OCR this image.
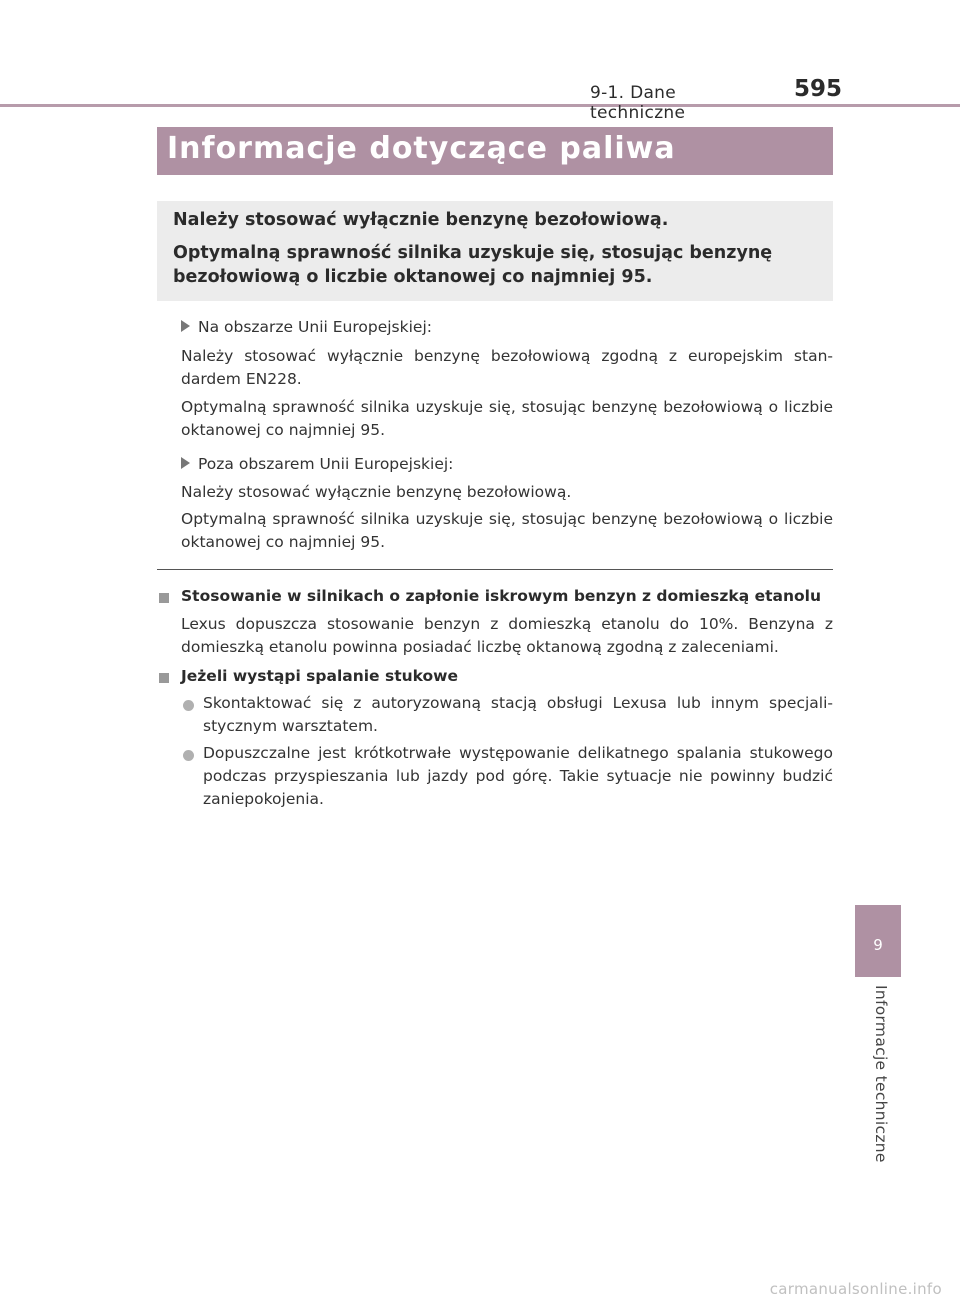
9-1. Dane techniczne
595
Informacje dotyczące paliwa

Należy stosować wyłącznie benzynę bezołowiową.

Optymalną sprawność silnika uzyskuje się, stosując benzynę bezołowiową o liczbie oktanowej co najmniej 95.

Na obszarze Unii Europejskiej:

Należy stosować wyłącznie benzynę bezołowiową zgodną z europejskim standardem EN228.

Optymalną sprawność silnika uzyskuje się, stosując benzynę bezołowiową o liczbie oktanowej co najmniej 95.

Poza obszarem Unii Europejskiej:

Należy stosować wyłącznie benzynę bezołowiową.

Optymalną sprawność silnika uzyskuje się, stosując benzynę bezołowiową o liczbie oktanowej co najmniej 95.

Stosowanie w silnikach o zapłonie iskrowym benzyn z domieszką etanolu

Lexus dopuszcza stosowanie benzyn z domieszką etanolu do 10%. Benzyna z domieszką etanolu powinna posiadać liczbę oktanową zgodną z zaleceniami.

Jeżeli wystąpi spalanie stukowe

Skontaktować się z autoryzowaną stacją obsługi Lexusa lub innym specjalistycznym warsztatem.

Dopuszczalne jest krótkotrwałe występowanie delikatnego spalania stukowego podczas przyspieszania lub jazdy pod górę. Takie sytuacje nie powinny budzić zaniepokojenia.

9
Informacje techniczne
carmanualsonline.info
